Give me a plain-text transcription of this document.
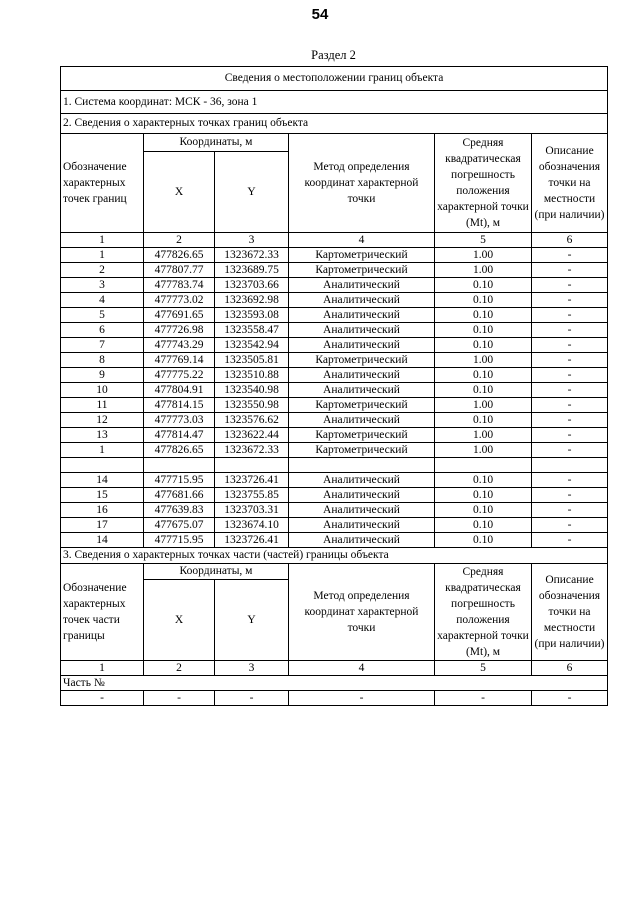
54
Раздел 2
Сведения о местоположении границ объекта					
1. Система координат: МСК - 36, зона 1					
2. Сведения о характерных точках границ объекта					
Обозначение характерных точек границ	Координаты, м		Метод определения координат характерной точки	Средняя квадратическая погрешность положения характерной точки (Mt), м	Описание обозначения точки на местности (при наличии)
	X	Y			
1	2	3	4	5	6
1	477826.65	1323672.33	Картометрический	1.00	-
2	477807.77	1323689.75	Картометрический	1.00	-
3	477783.74	1323703.66	Аналитический	0.10	-
4	477773.02	1323692.98	Аналитический	0.10	-
5	477691.65	1323593.08	Аналитический	0.10	-
6	477726.98	1323558.47	Аналитический	0.10	-
7	477743.29	1323542.94	Аналитический	0.10	-
8	477769.14	1323505.81	Картометрический	1.00	-
9	477775.22	1323510.88	Аналитический	0.10	-
10	477804.91	1323540.98	Аналитический	0.10	-
11	477814.15	1323550.98	Картометрический	1.00	-
12	477773.03	1323576.62	Аналитический	0.10	-
13	477814.47	1323622.44	Картометрический	1.00	-
1	477826.65	1323672.33	Картометрический	1.00	-

14	477715.95	1323726.41	Аналитический	0.10	-
15	477681.66	1323755.85	Аналитический	0.10	-
16	477639.83	1323703.31	Аналитический	0.10	-
17	477675.07	1323674.10	Аналитический	0.10	-
14	477715.95	1323726.41	Аналитический	0.10	-
3. Сведения о характерных точках части (частей) границы объекта					
Обозначение характерных точек части границы	Координаты, м		Метод определения координат характерной точки	Средняя квадратическая погрешность положения характерной точки (Mt), м	Описание обозначения точки на местности (при наличии)
	X	Y			
1	2	3	4	5	6
Часть №					
-	-	-	-	-	-
